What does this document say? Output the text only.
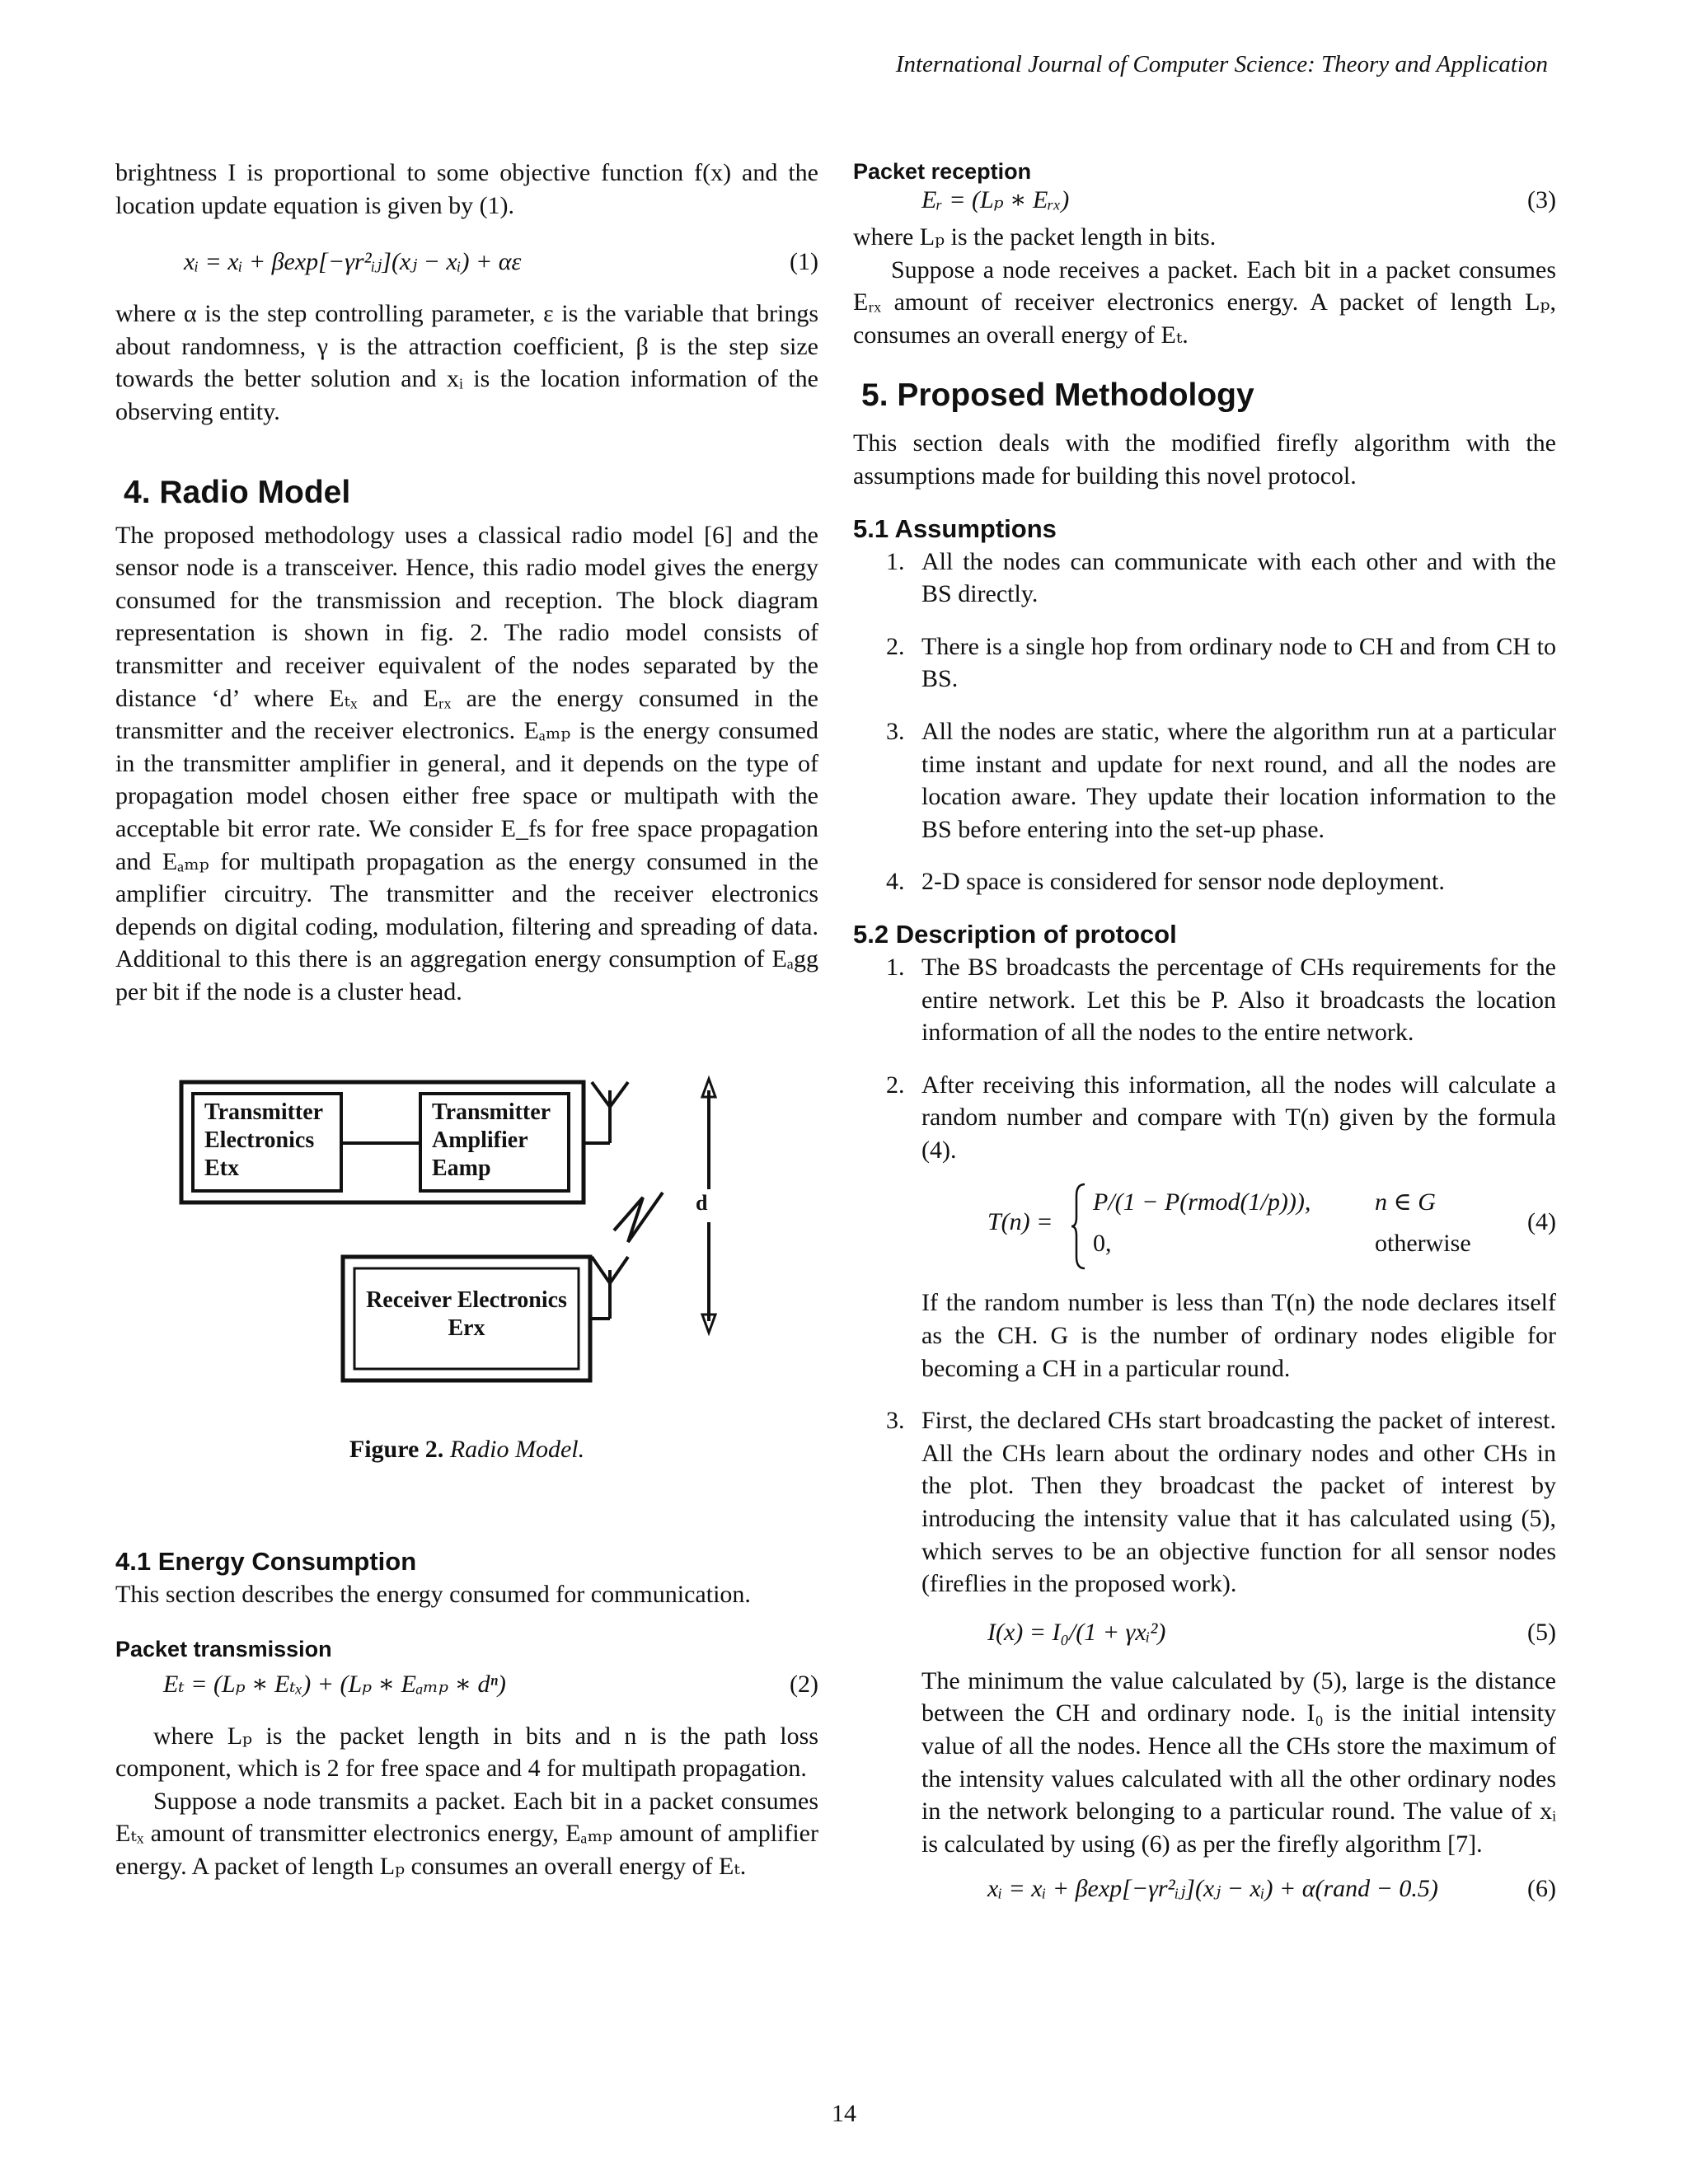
International Journal of Computer Science: Theory and Application

brightness I is proportional to some objective function f(x) and the location update equation is given by (1).

xᵢ = xᵢ + βexp[−γr²ᵢⱼ](xⱼ − xᵢ) + αε	(1)

where α is the step controlling parameter, ε is the variable that brings about randomness, γ is the attraction coefficient, β is the step size towards the better solution and xᵢ is the location information of the observing entity.

4. Radio Model

The proposed methodology uses a classical radio model [6] and the sensor node is a transceiver. Hence, this radio model gives the energy consumed for the transmission and reception. The block diagram representation is shown in fig. 2. The radio model consists of transmitter and receiver equivalent of the nodes separated by the distance ‘d’ where Eₜₓ and Eᵣₓ are the energy consumed in the transmitter and the receiver electronics. Eₐₘₚ is the energy consumed in the transmitter amplifier in general, and it depends on the type of propagation model chosen either free space or multipath with the acceptable bit error rate. We consider E_fs for free space propagation and Eₐₘₚ for multipath propagation as the energy consumed in the amplifier circuitry. The transmitter and the receiver electronics depends on digital coding, modulation, filtering and spreading of data. Additional to this there is an aggregation energy consumption of Eₐgg per bit if the node is a cluster head.

Transmitter
Electronics
Etx
Transmitter
Amplifier
Eamp
Receiver Electronics
Erx
d
Figure 2. Radio Model.
4.1 Energy Consumption

This section describes the energy consumed for communication.

Packet transmission
Eₜ = (Lₚ ∗ Eₜₓ) + (Lₚ ∗ Eₐₘₚ ∗ dⁿ)	(2)

where Lₚ is the packet length in bits and n is the path loss component, which is 2 for free space and 4 for multipath propagation.

Suppose a node transmits a packet. Each bit in a packet consumes Eₜₓ amount of transmitter electronics energy, Eₐₘₚ amount of amplifier energy. A packet of length Lₚ consumes an overall energy of Eₜ.

Packet reception
Eᵣ = (Lₚ ∗ Eᵣₓ)	(3)

where Lₚ is the packet length in bits.

Suppose a node receives a packet. Each bit in a packet consumes Eᵣₓ amount of receiver electronics energy. A packet of length Lₚ, consumes an overall energy of Eₜ.

5. Proposed Methodology

This section deals with the modified firefly algorithm with the assumptions made for building this novel protocol.

5.1 Assumptions
1. All the nodes can communicate with each other and with the BS directly.

2. There is a single hop from ordinary node to CH and from CH to BS.

3. All the nodes are static, where the algorithm run at a particular time instant and update for next round, and all the nodes are location aware. They update their location information to the BS before entering into the set-up phase.

4. 2-D space is considered for sensor node deployment.

5.2 Description of protocol
1. The BS broadcasts the percentage of CHs requirements for the entire network. Let this be P. Also it broadcasts the location information of all the nodes to the entire network.

2. After receiving this information, all the nodes will calculate a random number and compare with T(n) given by the formula (4).

T(n) =
P/(1 − P(rmod(1/p))),	n ∈ G
0,	otherwise
(4)

If the random number is less than T(n) the node declares itself as the CH. G is the number of ordinary nodes eligible for becoming a CH in a particular round.

3. First, the declared CHs start broadcasting the packet of interest. All the CHs learn about the ordinary nodes and other CHs in the plot. Then they broadcast the packet of interest by introducing the intensity value that it has calculated using (5), which serves to be an objective function for all sensor nodes (fireflies in the proposed work).

I(x) = I₀/(1 + γxᵢ²)	(5)

The minimum the value calculated by (5), large is the distance between the CH and ordinary node. I₀ is the initial intensity value of all the nodes. Hence all the CHs store the maximum of the intensity values calculated with all the other ordinary nodes in the network belonging to a particular round. The value of xᵢ is calculated by using (6) as per the firefly algorithm [7].

xᵢ = xᵢ + βexp[−γr²ᵢⱼ](xⱼ − xᵢ) + α(rand − 0.5)	(6)
14
